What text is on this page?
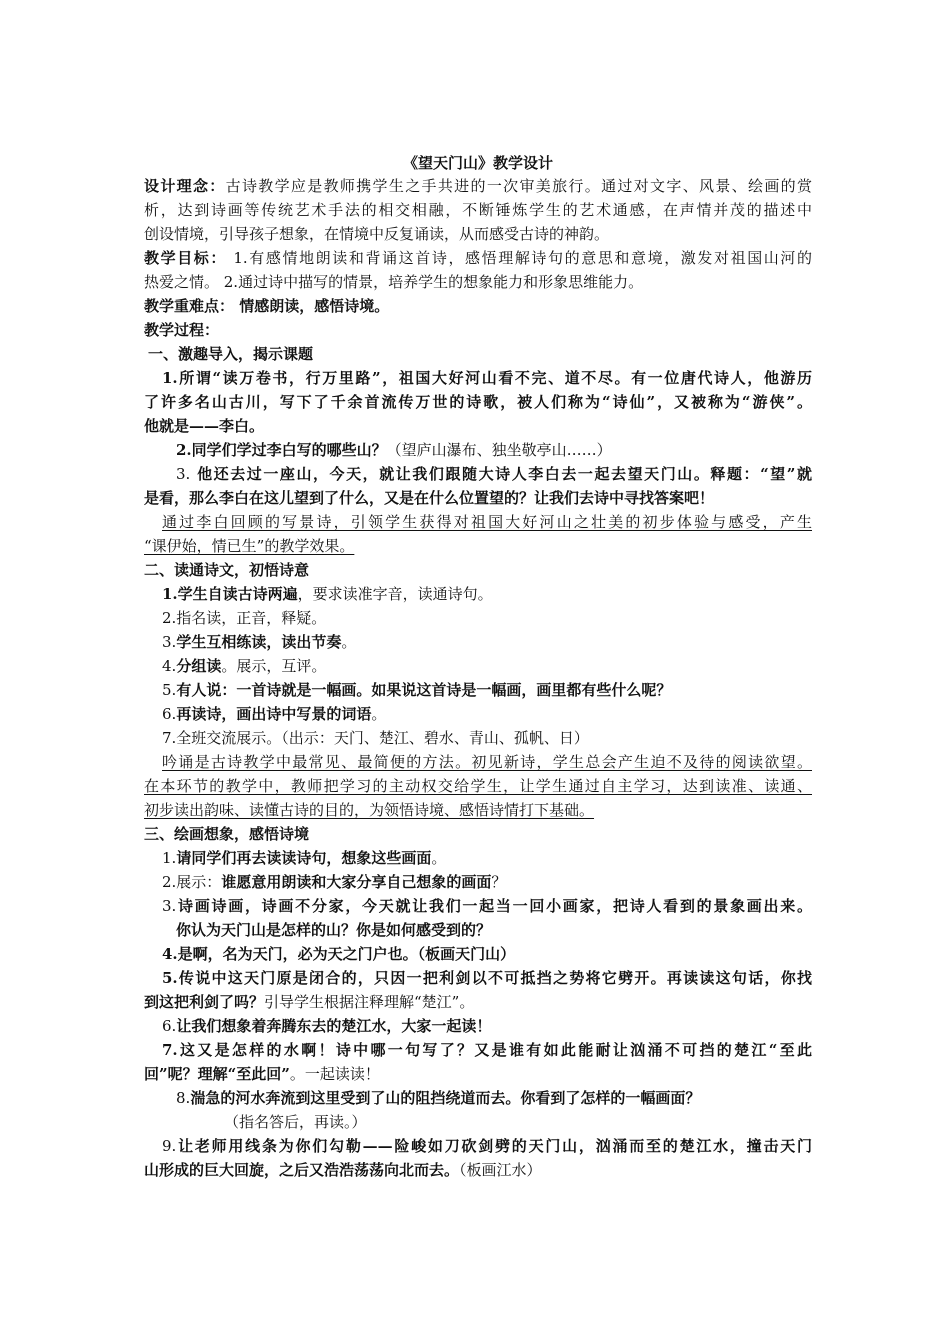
《望天门山》教学设计

设计理念：古诗教学应是教师携学生之手共进的一次审美旅行。通过对文字、风景、绘画的赏

析，达到诗画等传统艺术手法的相交相融，不断锤炼学生的艺术通感，在声情并茂的描述中

创设情境，引导孩子想象，在情境中反复诵读，从而感受古诗的神韵。

教学目标： 1.有感情地朗读和背诵这首诗，感悟理解诗句的意思和意境，激发对祖国山河的

热爱之情。 2.通过诗中描写的情景，培养学生的想象能力和形象思维能力。

教学重难点： 情感朗读，感悟诗境。

教学过程：

一、激趣导入，揭示课题

1.所谓“读万卷书，行万里路”，祖国大好河山看不完、道不尽。有一位唐代诗人，他游历

了许多名山古川，写下了千余首流传万世的诗歌，被人们称为“诗仙”，又被称为“游侠”。

他就是——李白。

2.同学们学过李白写的哪些山？（望庐山瀑布、独坐敬亭山……）

3. 他还去过一座山，今天，就让我们跟随大诗人李白去一起去望天门山。释题：“望”就

是看，那么李白在这儿望到了什么，又是在什么位置望的？让我们去诗中寻找答案吧！

通过李白回顾的写景诗，引领学生获得对祖国大好河山之壮美的初步体验与感受，产生

“课伊始，情已生”的教学效果。

二、读通诗文，初悟诗意

1.学生自读古诗两遍，要求读准字音，读通诗句。

2.指名读，正音，释疑。

3.学生互相练读，读出节奏。

4.分组读。展示，互评。

5.有人说：一首诗就是一幅画。如果说这首诗是一幅画，画里都有些什么呢？

6.再读诗，画出诗中写景的词语。

7.全班交流展示。（出示：天门、楚江、碧水、青山、孤帆、日）

吟诵是古诗教学中最常见、最简便的方法。初见新诗，学生总会产生迫不及待的阅读欲望。

在本环节的教学中，教师把学习的主动权交给学生，让学生通过自主学习，达到读准、读通、

初步读出韵味、读懂古诗的目的，为领悟诗境、感悟诗情打下基础。

三、绘画想象，感悟诗境

1.请同学们再去读读诗句，想象这些画面。

2.展示：谁愿意用朗读和大家分享自己想象的画面？

3.诗画诗画，诗画不分家，今天就让我们一起当一回小画家，把诗人看到的景象画出来。

你认为天门山是怎样的山？你是如何感受到的？

4.是啊，名为天门，必为天之门户也。（板画天门山）

5.传说中这天门原是闭合的，只因一把利剑以不可抵挡之势将它劈开。再读读这句话，你找

到这把利剑了吗？引导学生根据注释理解“楚江”。

6.让我们想象着奔腾东去的楚江水，大家一起读！

7.这又是怎样的水啊！诗中哪一句写了？又是谁有如此能耐让汹涌不可挡的楚江“至此

回”呢？理解“至此回”。一起读读！

8.湍急的河水奔流到这里受到了山的阻挡绕道而去。你看到了怎样的一幅画面？

（指名答后，再读。）

9.让老师用线条为你们勾勒——险峻如刀砍剑劈的天门山，汹涌而至的楚江水，撞击天门

山形成的巨大回旋，之后又浩浩荡荡向北而去。（板画江水）
